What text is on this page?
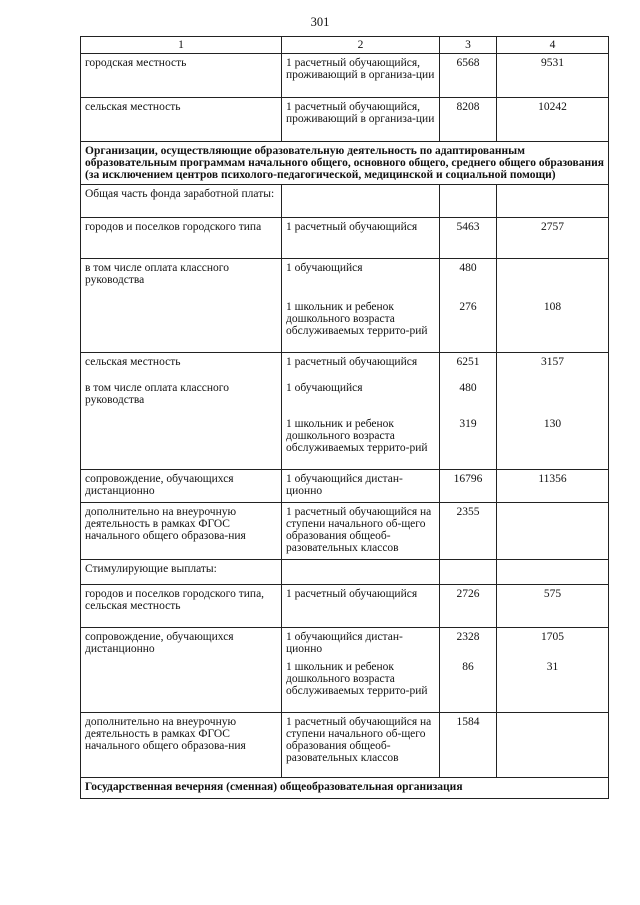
301
1	2	3	4
городская местность	1 расчетный обучающийся, проживающий в организа-ции	6568	9531
сельская местность	1 расчетный обучающийся, проживающий в организа-ции	8208	10242
Организации, осуществляющие образовательную деятельность по адаптированным образовательным программам начального общего, основного общего, среднего общего образования (за исключением центров психолого-педагогической, медицинской и социальной помощи)			
Общая часть фонда заработной платы:			
городов и поселков городского типа	1 расчетный обучающийся	5463	2757
в том числе оплата классного руководства	1 обучающийся	480	
	1 школьник и ребенок дошкольного возраста обслуживаемых террито-рий	276	108
сельская местность	1 расчетный обучающийся	6251	3157
в том числе оплата классного руководства	1 обучающийся	480	
	1 школьник и ребенок дошкольного возраста обслуживаемых террито-рий	319	130
сопровождение, обучающихся дистанционно	1 обучающийся дистан-ционно	16796	11356
дополнительно на внеурочную деятельность в рамках ФГОС начального общего образова-ния	1 расчетный обучающийся на ступени начального об-щего образования общеоб-разовательных классов	2355	
Стимулирующие выплаты:			
городов и поселков городского типа, сельская местность	1 расчетный обучающийся	2726	575
сопровождение, обучающихся дистанционно	1 обучающийся дистан-ционно	2328	1705
	1 школьник и ребенок дошкольного возраста обслуживаемых террито-рий	86	31
дополнительно на внеурочную деятельность в рамках ФГОС начального общего образова-ния	1 расчетный обучающийся на ступени начального об-щего образования общеоб-разовательных классов	1584	
Государственная вечерняя (сменная) общеобразовательная организация			
